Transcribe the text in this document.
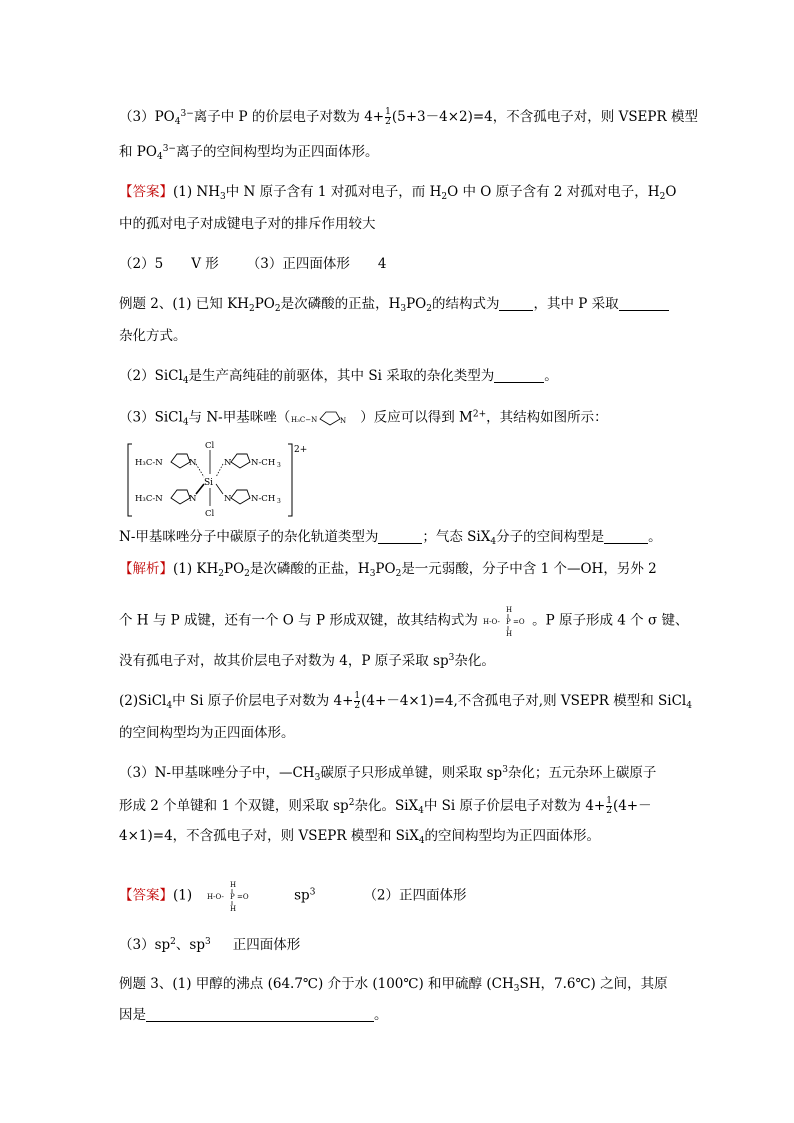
$(3)PO_4^{3-}$离子中 P 的价层电子对数为 $4+ \frac{1}{2} (5+3-4\times 2)=4$，不含孤电子对，则 VSEPR 模型
和 $PO_4^{3-}$离子的空间构型均为正四面体形。
【答案】(1) $NH_3$中 N 原子含有 1 对孤对电子，而 $H_2O$ 中 O 原子含有 2 对孤对电子，$H_2O$
中的孤对电子对成键电子对的排斥作用较大
（2）5 V 形 （3）正四面体形 4
例题 2、(1) 已知 $KH_2PO_2$是次磷酸的正盐，$H_3PO_2$的结构式为	，其中 P 采取
杂化方式。
（2）SiCl$_4$是生产高纯硅的前驱体，其中 Si 采取的杂化类型为	。
（3）SiCl$_4$与 N-甲基咪唑（ H₃C−N	N ）反应可以得到 $M^{2+}$，其结构如图所示：
N-甲基咪唑分子中碳原子的杂化轨道类型为	；气态 SiX$_4$分子的空间构型是	。
【解析】(1) $KH_2PO_2$是次磷酸的正盐，$H_3PO_2$是一元弱酸，分子中含 1 个—OH，另外 2
个 H 与 P 成键，还有一个 O 与 P 形成双键，故其结构式为
H
H-O- P =O
H
。P 原子形成 4 个 σ 键、
没有孤电子对，故其价层电子对数为 4，P 原子采取 $sp^3$杂化。
(2)SiCl$_4$中 Si 原子价层电子对数为 $4+ \frac{1}{2} (4+-4\times 1)=4$,不含孤电子对,则 VSEPR 模型和 SiCl$_4$
的空间构型均为正四面体形。
（3）N-甲基咪唑分子中，$—CH_3$碳原子只形成单键，则采取 $sp^3$杂化；五元杂环上碳原子
形成 2 个单键和 1 个双键，则采取 $sp^2$杂化。SiX$_4$中 Si 原子价层电子对数为 $4+ \frac{1}{2} (4+-$
4×1)=4，不含孤电子对，则 VSEPR 模型和 SiX$_4$的空间构型均为正四面体形。
【答案】(1)
H
H-O- P =O
H
$sp^3$	（2）正四面体形
$(3)sp^2$、$sp^3$ 正四面体形
例题 3、(1) 甲醇的沸点 (64.7℃) 介于水 (100℃) 和甲硫醇 ($CH_3SH$，7.6℃) 之间，其原
因是	。
2+
H₃C-N	N	N N-CH 3
H₃C-N	N	N N-CH 3
Cl
Si
Cl
